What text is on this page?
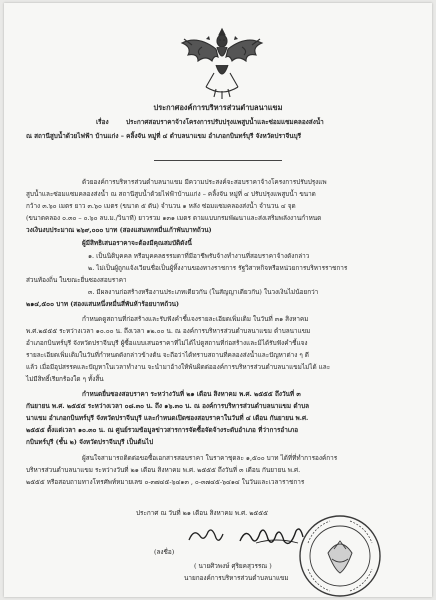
ประกาศองค์การบริหารส่วนตำบลนาแขม
เรื่อง	ประกาศสอบราคาจ้างโครงการปรับปรุงแพสูบน้ำและซ่อมแซมคลองส่งน้ำ
ณ สถานีสูบน้ำด้วยไฟฟ้า บ้านแก่ง – คลิ้งจัน หมู่ที่ ๔ ตำบลนาแขม อำเภอกบินทร์บุรี จังหวัดปราจีนบุรี
ด้วยองค์การบริหารส่วนตำบลนาแขม มีความประสงค์จะสอบราคาจ้างโครงการปรับปรุงแพ
สูบน้ำและซ่อมแซมคลองส่งน้ำ ณ สถานีสูบน้ำด้วยไฟฟ้าบ้านแก่ง – คลิ้งจัน หมู่ที่ ๔ ปรับปรุงแพสูบน้ำ ขนาด
กว้าง ๓.๖๐ เมตร ยาว ๓.๖๐ เมตร (ขนาด ๕ ตัน) จำนวน ๑ หลัง ซ่อมแซมคลองส่งน้ำ จำนวน ๔ จุด
(ขนาดคลอง ๐.๓๐ – ๐.๖๐ ลบ.ม./วินาที) ยาวรวม ๑๓๑ เมตร ตามแบบกรมพัฒนาและส่งเสริมพลังงานกำหนด
วงเงินงบประมาณ ๒๖๙,๐๐๐ บาท (สองแสนหกหมื่นเก้าพันบาทถ้วน)
ผู้มีสิทธิเสนอราคาจะต้องมีคุณสมบัติดังนี้
๑. เป็นนิติบุคคล หรือบุคคลธรรมดาที่มีอาชีพรับจ้างทำงานที่สอบราคาจ้างดังกล่าว
๒. ไม่เป็นผู้ถูกแจ้งเวียนชื่อเป็นผู้ทิ้งงานของทางราชการ รัฐวิสาหกิจหรือหน่วยการบริหารราชการ
ส่วนท้องถิ่น ในขณะยื่นซองสอบราคา
๓. มีผลงานก่อสร้างหรืองานประเภทเดียวกัน (ในสัญญาเดียวกัน) ในวงเงินไม่น้อยกว่า
๒๑๔,๕๐๐ บาท (สองแสนหนึ่งหมื่นสี่พันห้าร้อยบาทถ้วน)
กำหนดดูสถานที่ก่อสร้างและรับฟังคำชี้แจงรายละเอียดเพิ่มเติม ในวันที่ ๓๑ สิงหาคม
พ.ศ.๒๕๕๕ ระหว่างเวลา ๑๐.๐๐ น. ถึงเวลา ๑๒.๐๐ น. ณ องค์การบริหารส่วนตำบลนาแขม ตำบลนาแขม
อำเภอกบินทร์บุรี จังหวัดปราจีนบุรี ผู้ซื้อแบบเสนอราคาที่ไม่ได้ไปดูสถานที่ก่อสร้างและมิได้รับฟังคำชี้แจง
รายละเอียดเพิ่มเติมในวันที่กำหนดดังกล่าวข้างต้น จะถือว่าได้ทราบสถานที่คลองส่งน้ำและปัญหาต่าง ๆ ดี
แล้ว เมื่อมีอุปสรรคและปัญหาในเวลาทำงาน จะนำมาอ้างให้พ้นผิดต่อองค์การบริหารส่วนตำบลนาแขมไม่ได้ และ
ไม่มีสิทธิ์เรียกร้องใด ๆ ทั้งสิ้น
กำหนดยื่นซองสอบราคา ระหว่างวันที่ ๒๑ เดือน สิงหาคม พ.ศ. ๒๕๕๕ ถึงวันที่ ๓
กันยายน พ.ศ. ๒๕๕๕ ระหว่างเวลา ๐๘.๓๐ น. ถึง ๑๖.๓๐ น. ณ องค์การบริหารส่วนตำบลนาแขม ตำบล
นาแขม อำเภอกบินทร์บุรี จังหวัดปราจีนบุรี และกำหนดเปิดซองสอบราคาในวันที่ ๔ เดือน กันยายน พ.ศ.
๒๕๕๕ ตั้งแต่เวลา ๑๐.๓๐ น. ณ ศูนย์รวมข้อมูลข่าวสารการจัดซื้อจัดจ้างระดับอำเภอ ที่ว่าการอำเภอ
กบินทร์บุรี (ชั้น ๒) จังหวัดปราจีนบุรี เป็นต้นไป
ผู้สนใจสามารถติดต่อขอซื้อเอกสารสอบราคา ในราคาชุดละ ๑,๕๐๐ บาท ได้ที่ที่ทำการองค์การ
บริหารส่วนตำบลนาแขม ระหว่างวันที่ ๒๑ เดือน สิงหาคม พ.ศ. ๒๕๕๕ ถึงวันที่ ๓ เดือน กันยายน พ.ศ.
๒๕๕๕ หรือสอบถามทางโทรศัพท์หมายเลข ๐-๓๗๔๕-๖๔๑๓ , ๐-๓๗๔๕-๖๔๑๔ ในวันและเวลาราชการ
ประกาศ ณ วันที่ ๒๑ เดือน สิงหาคม พ.ศ. ๒๕๕๕
(ลงชื่อ)
( นายศิวพงษ์ ศุริยคสุวรรณ )
นายกองค์การบริหารส่วนตำบลนาแขม
